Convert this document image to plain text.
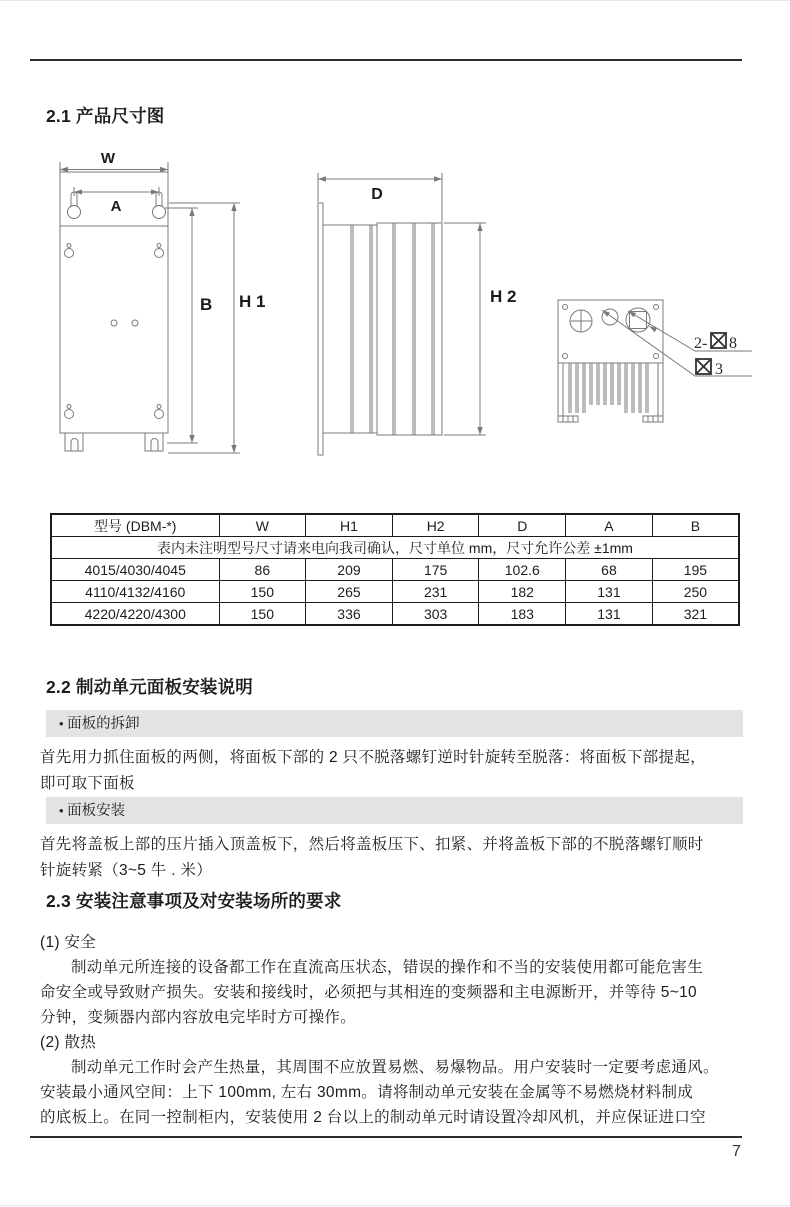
2.1 产品尺寸图
W
A
B H 1
D
H 2
2- 8
3
型号 (DBM-*)	W	H1	H2	D	A	B
表内未注明型号尺寸请来电向我司确认，尺寸单位 mm，尺寸允许公差 ±1mm						
4015/4030/4045	86	209	175	102.6	68	195
4110/4132/4160	150	265	231	182	131	250
4220/4220/4300	150	336	303	183	131	321
2.2 制动单元面板安装说明
• 面板的拆卸
首先用力抓住面板的两侧，将面板下部的 2 只不脱落螺钉逆时针旋转至脱落：将面板下部提起，
即可取下面板
• 面板安装
首先将盖板上部的压片插入顶盖板下，然后将盖板压下、扣紧、并将盖板下部的不脱落螺钉顺时
针旋转紧（3~5 牛 . 米）
2.3 安装注意事项及对安装场所的要求
(1) 安全
制动单元所连接的设备都工作在直流高压状态，错误的操作和不当的安装使用都可能危害生
命安全或导致财产损失。安装和接线时，必须把与其相连的变频器和主电源断开，并等待 5~10
分钟，变频器内部内容放电完毕时方可操作。
(2) 散热
制动单元工作时会产生热量，其周围不应放置易燃、易爆物品。用户安装时一定要考虑通风。
安装最小通风空间：上下 100mm, 左右 30mm。请将制动单元安装在金属等不易燃烧材料制成
的底板上。在同一控制柜内，安装使用 2 台以上的制动单元时请设置冷却风机，并应保证进口空
7
